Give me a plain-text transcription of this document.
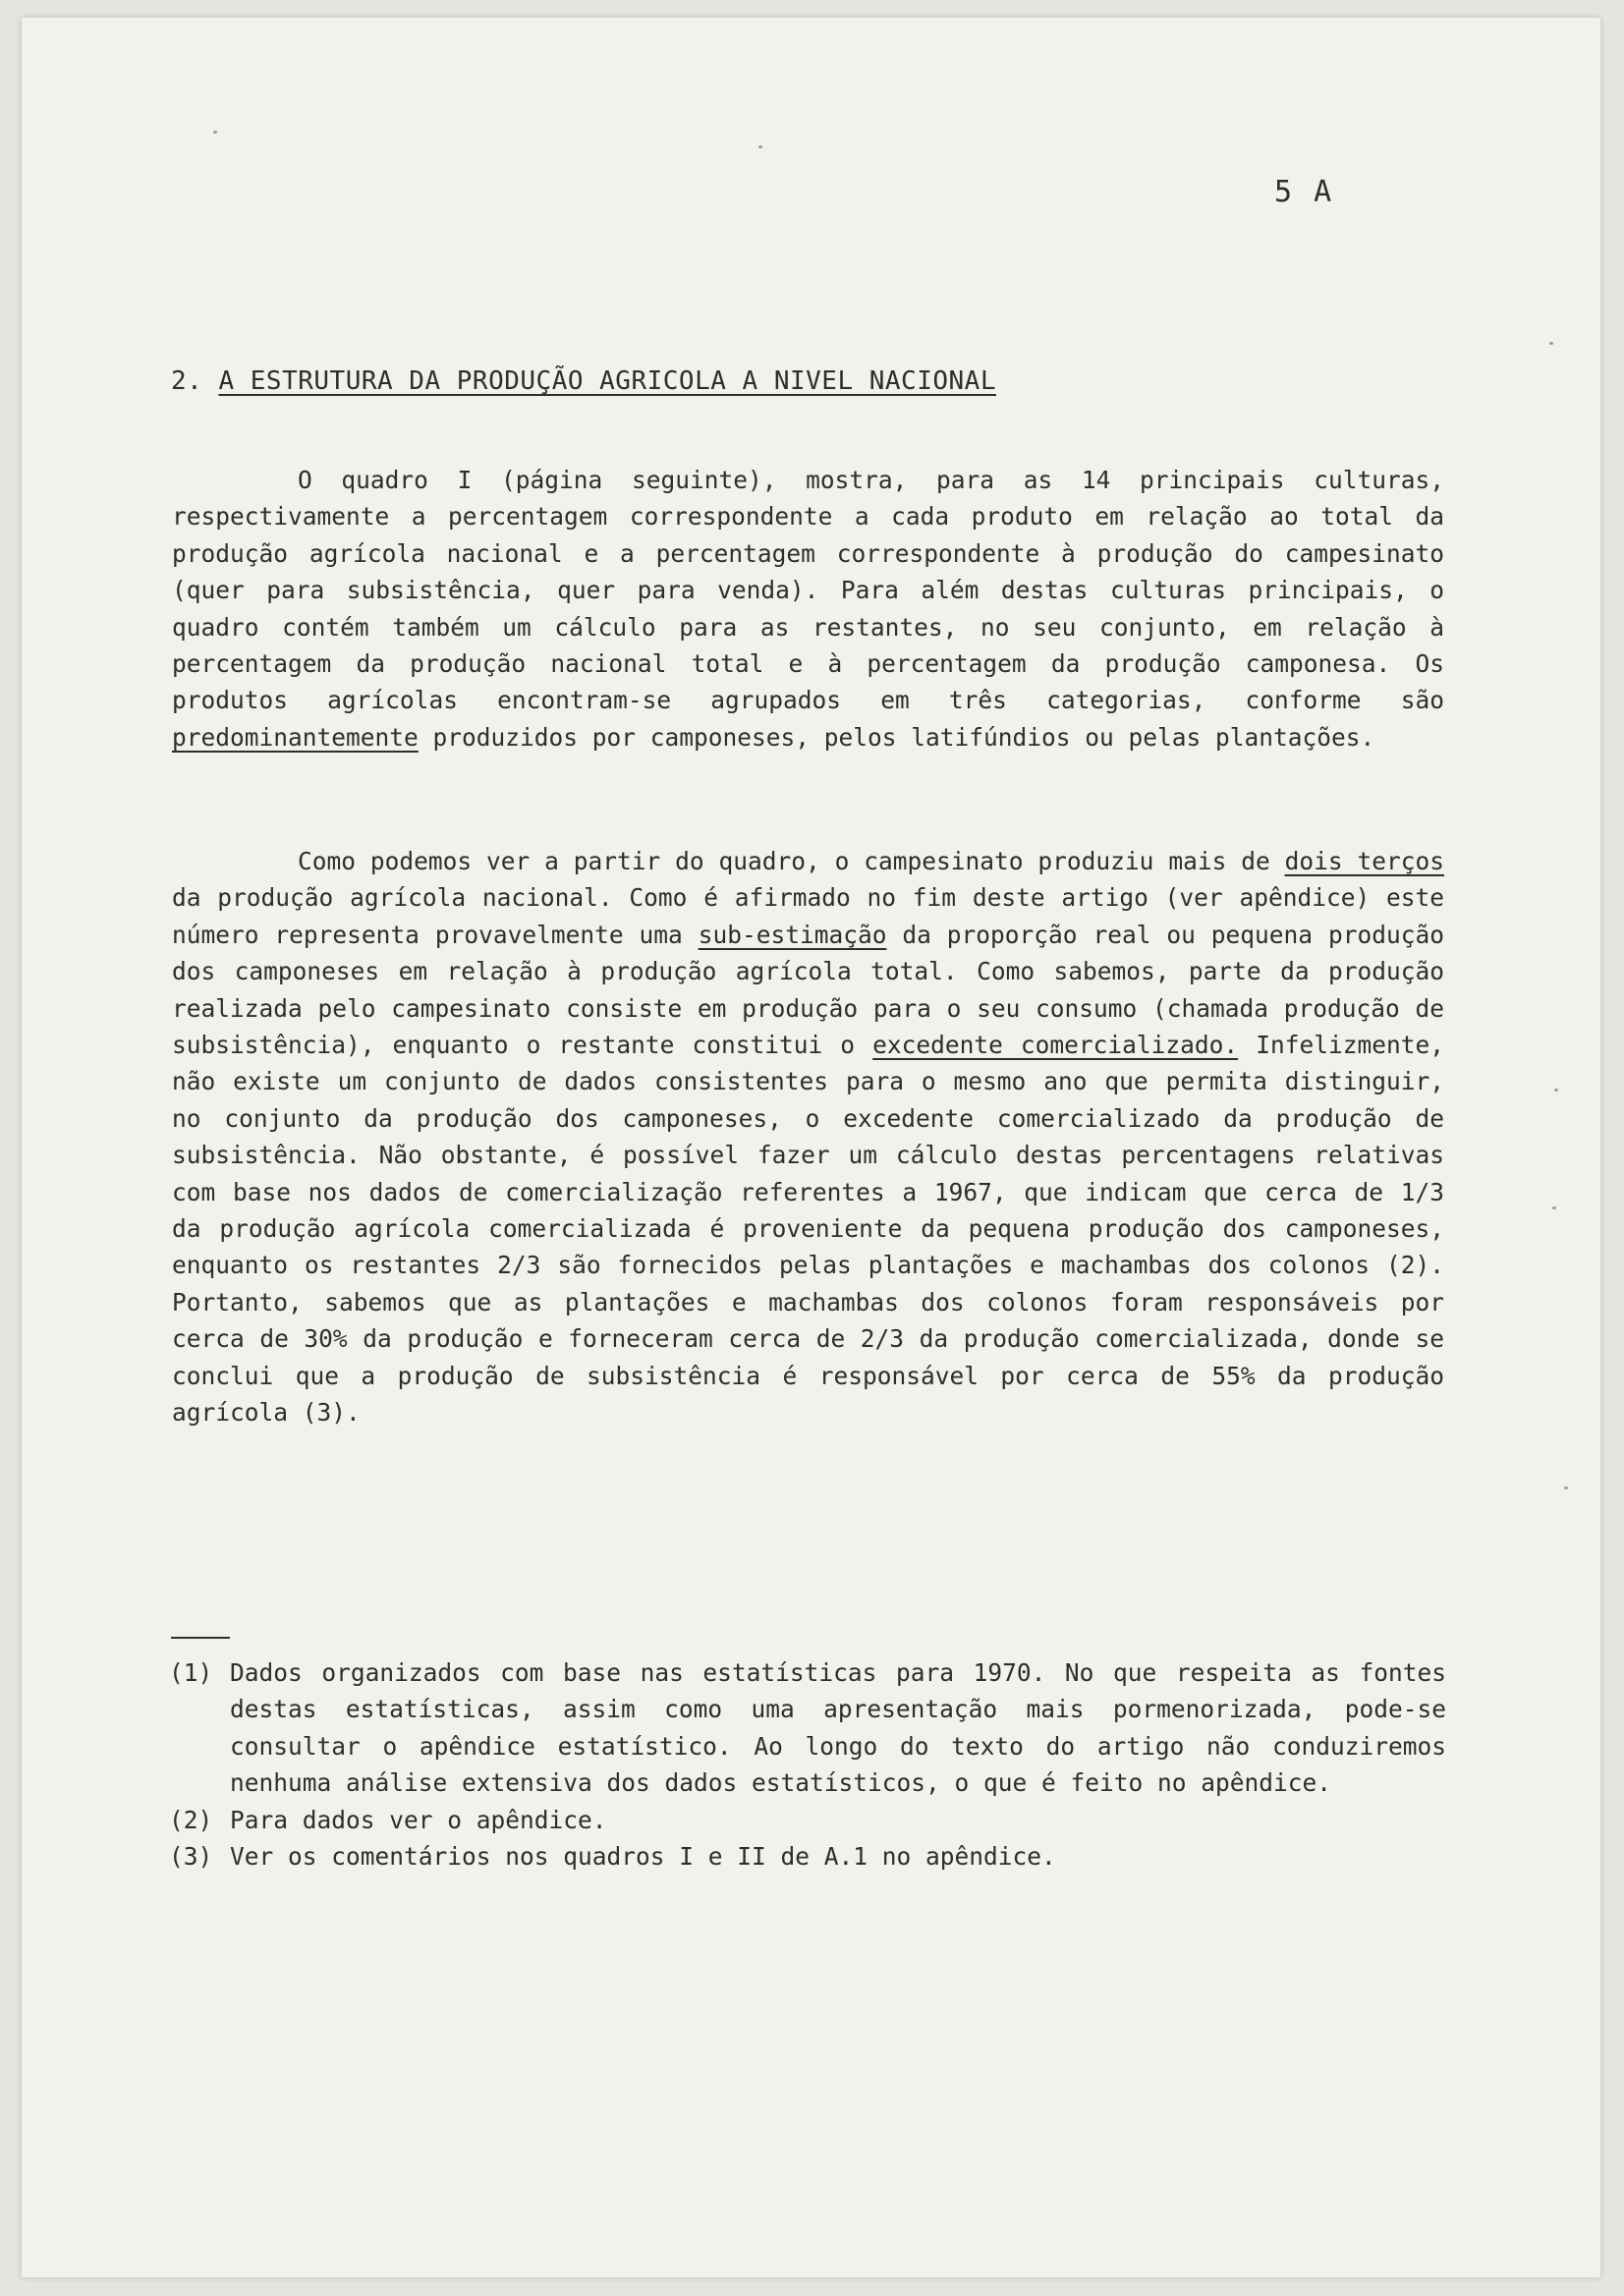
5 A
2. A ESTRUTURA DA PRODUÇÃO AGRICOLA A NIVEL NACIONAL

O quadro I (página seguinte), mostra, para as 14 principais culturas, respectivamente a percentagem correspondente a cada produto em relação ao total da produção agrícola nacional e a percentagem correspondente à produção do campesinato (quer para subsistência, quer para venda). Para além destas culturas principais, o quadro contém também um cálculo para as restantes, no seu conjunto, em relação à percentagem da produção nacional total e à percentagem da produção camponesa. Os produtos agrícolas encontram-se agrupados em três categorias, conforme são predominantemente produzidos por camponeses, pelos latifúndios ou pelas plantações.

Como podemos ver a partir do quadro, o campesinato produziu mais de dois terços da produção agrícola nacional. Como é afirmado no fim deste artigo (ver apêndice) este número representa provavelmente uma sub-estimação da proporção real ou pequena produção dos camponeses em relação à produção agrícola total. Como sabemos, parte da produção realizada pelo campesinato consiste em produção para o seu consumo (chamada produção de subsistência), enquanto o restante constitui o excedente comercializado. Infelizmente, não existe um conjunto de dados consistentes para o mesmo ano que permita distinguir, no conjunto da produção dos camponeses, o excedente comercializado da produção de subsistência. Não obstante, é possível fazer um cálculo destas percentagens relativas com base nos dados de comercialização referentes a 1967, que indicam que cerca de 1/3 da produção agrícola comercializada é proveniente da pequena produção dos camponeses, enquanto os restantes 2/3 são fornecidos pelas plantações e machambas dos colonos (2). Portanto, sabemos que as plantações e machambas dos colonos foram responsáveis por cerca de 30% da produção e forneceram cerca de 2/3 da produção comercializada, donde se conclui que a produção de subsistência é responsável por cerca de 55% da produção agrícola (3).

(1) Dados organizados com base nas estatísticas para 1970. No que respeita as fontes destas estatísticas, assim como uma apresentação mais pormenorizada, pode-se consultar o apêndice estatístico. Ao longo do texto do artigo não conduziremos nenhuma análise extensiva dos dados estatísticos, o que é feito no apêndice.
(2) Para dados ver o apêndice.
(3) Ver os comentários nos quadros I e II de A.1 no apêndice.
